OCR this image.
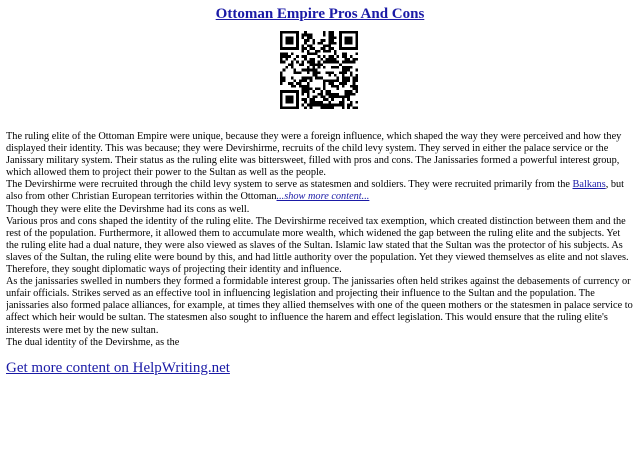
Ottoman Empire Pros And Cons
The ruling elite of the Ottoman Empire were unique, because they were a foreign influence, which shaped the way they were perceived and how they
displayed their identity. This was because; they were Devirshirme, recruits of the child levy system. They served in either the palace service or the
Janissary military system. Their status as the ruling elite was bittersweet, filled with pros and cons. The Janissaries formed a powerful interest group,
which allowed them to project their power to the Sultan as well as the people.
The Devirshirme were recruited through the child levy system to serve as statesmen and soldiers. They were recruited primarily from the Balkans, but
also from other Christian European territories within the Ottoman...show more content...
Though they were elite the Devirshme had its cons as well.
Various pros and cons shaped the identity of the ruling elite. The Devirshirme received tax exemption, which created distinction between them and the
rest of the population. Furthermore, it allowed them to accumulate more wealth, which widened the gap between the ruling elite and the subjects. Yet
the ruling elite had a dual nature, they were also viewed as slaves of the Sultan. Islamic law stated that the Sultan was the protector of his subjects. As
slaves of the Sultan, the ruling elite were bound by this, and had little authority over the population. Yet they viewed themselves as elite and not slaves.
Therefore, they sought diplomatic ways of projecting their identity and influence.
As the janissaries swelled in numbers they formed a formidable interest group. The janissaries often held strikes against the debasements of currency or
unfair officials. Strikes served as an effective tool in influencing legislation and projecting their influence to the Sultan and the population. The
janissaries also formed palace alliances, for example, at times they allied themselves with one of the queen mothers or the statesmen in palace service to
affect which heir would be sultan. The statesmen also sought to influence the harem and effect legislation. This would ensure that the ruling elite's
interests were met by the new sultan.
The dual identity of the Devirshme, as the
Get more content on HelpWriting.net
